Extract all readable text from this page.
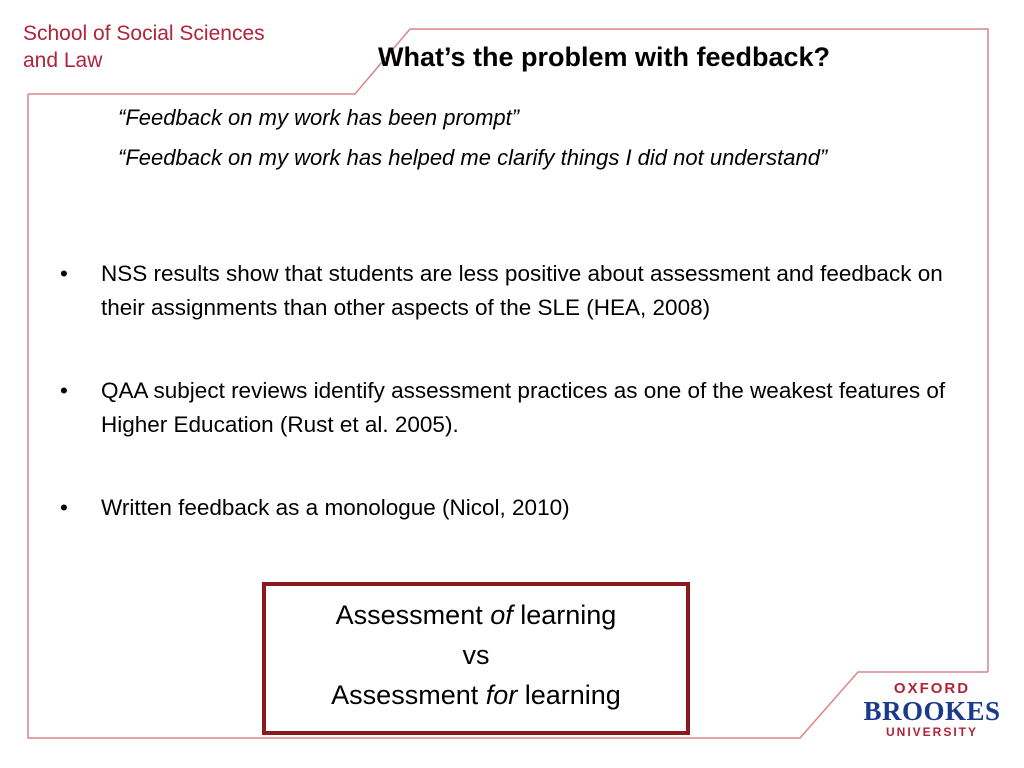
School of Social Sciences
and Law	What’s the problem with feedback?
“Feedback on my work has been prompt”
“Feedback on my work has helped me clarify things I did not understand”
• NSS results show that students are less positive about assessment and feedback on their assignments than other aspects of the SLE (HEA, 2008)
• QAA subject reviews identify assessment practices as one of the weakest features of Higher Education (Rust et al. 2005).
• Written feedback as a monologue (Nicol, 2010)
Assessment of learning
vs
Assessment for learning	OXFORD
BROOKES
UNIVERSITY
